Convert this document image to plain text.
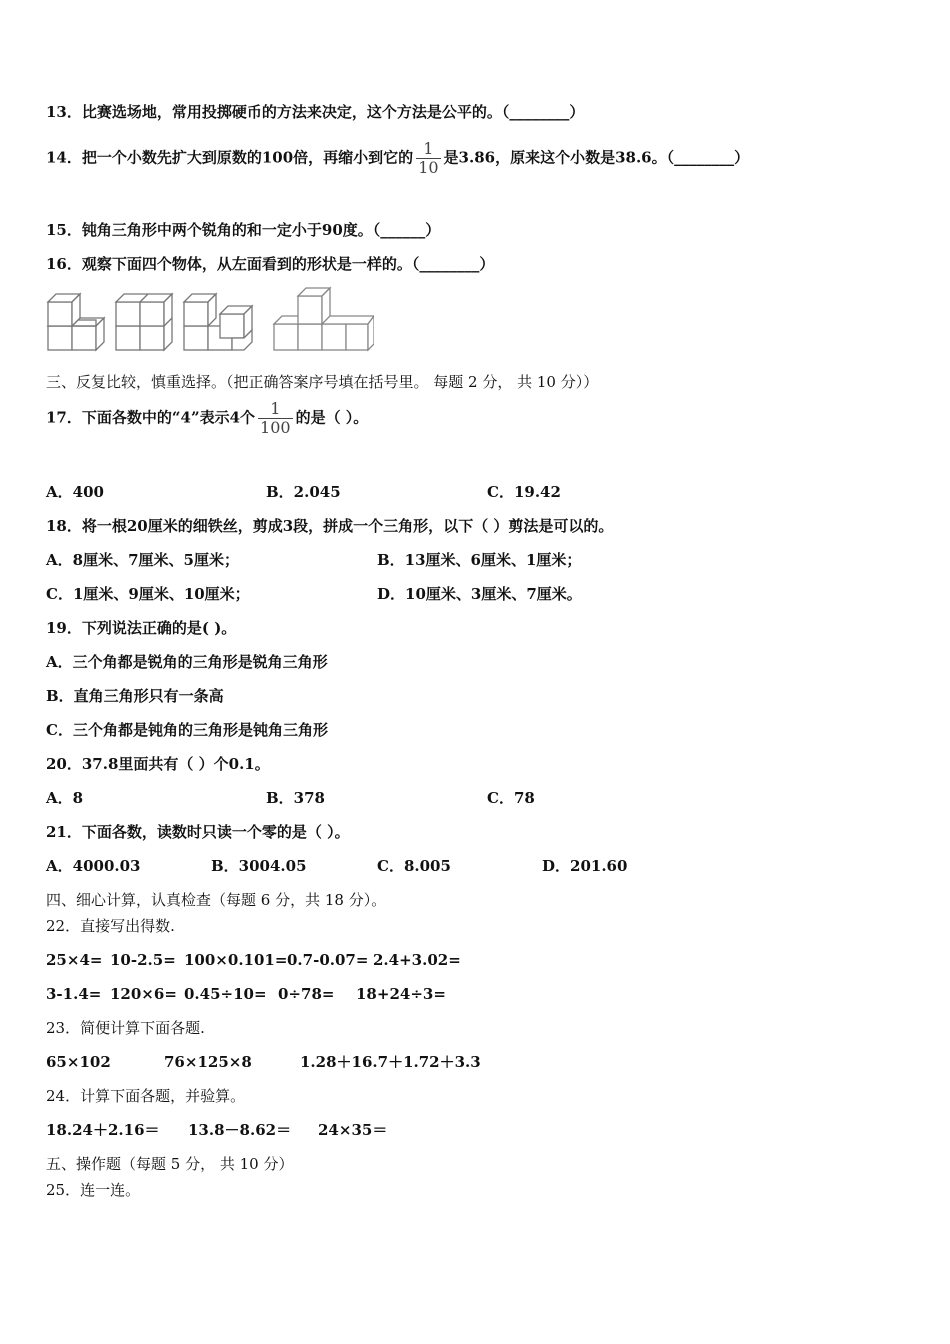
13．比赛选场地，常用投掷硬币的方法来决定，这个方法是公平的。（________）
14．把一个小数先扩大到原数的100倍，再缩小到它的 $\frac{1}{10}$ 是3.86，原来这个小数是38.6。（________）
15．钝角三角形中两个锐角的和一定小于90度。（______）
16．观察下面四个物体，从左面看到的形状是一样的。（________）
三、反复比较，慎重选择。（把正确答案序号填在括号里。 每题 2 分， 共 10 分））
17．下面各数中的“4”表示4个 $\frac{1}{100}$ 的是（ ）。
A．400	B．2.045	C．19.42
18．将一根20厘米的细铁丝，剪成3段，拼成一个三角形，以下（ ）剪法是可以的。
A．8厘米、7厘米、5厘米；	B．13厘米、6厘米、1厘米；
C．1厘米、9厘米、10厘米；	D．10厘米、3厘米、7厘米。
19．下列说法正确的是( )。
A．三个角都是锐角的三角形是锐角三角形
B．直角三角形只有一条高
C．三个角都是钝角的三角形是钝角三角形
20．37.8里面共有（ ）个0.1。
A．8	B．378	C．78
21．下面各数，读数时只读一个零的是（ ）。
A．4000.03	B．3004.05	C．8.005	D．201.60
四、细心计算，认真检查（每题 6 分，共 18 分）。
22．直接写出得数.
25×4= 10-2.5= 100×0.101= 0.7-0.07= 2.4+3.02=
3-1.4= 120×6= 0.45÷10= 0÷78= 18+24÷3=
23．简便计算下面各题.
65×102	76×125×8	1.28＋16.7＋1.72＋3.3
24．计算下面各题，并验算。
18.24＋2.16＝ 13.8－8.62＝ 24×35＝
五、操作题（每题 5 分， 共 10 分）
25．连一连。
